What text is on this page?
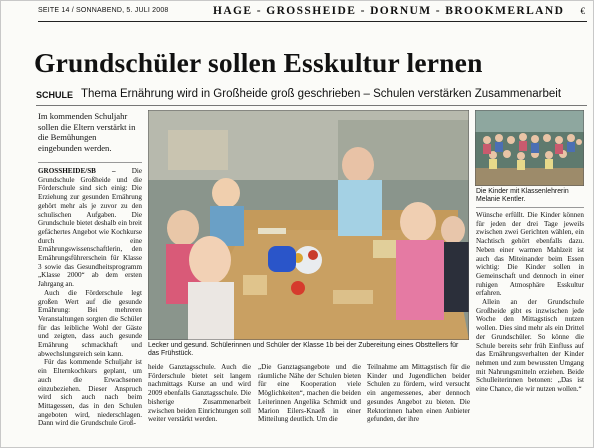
SEITE 14 / SONNABEND, 5. JULI 2008	HAGE - GROSSHEIDE - DORNUM - BROOKMERLAND €
Grundschüler sollen Esskultur lernen
SCHULE Thema Ernährung wird in Großheide groß geschrieben – Schulen verstärken Zusammenarbeit
Im kommenden Schuljahr sollen die Eltern verstärkt in die Bemühungen eingebunden werden.

GROSSHEIDE/SB – Die Grundschule Großheide und die Förderschule sind sich einig: Die Erziehung zur gesunden Ernährung gehört mehr als je zuvor zu den schulischen Aufgaben. Die Grundschule bietet deshalb ein breit gefächertes Angebot wie Kochkurse durch eine Ernährungswissenschaftlerin, den Ernährungsführerschein für Klasse 3 sowie das Gesundheitsprogramm „Klasse 2000“ ab dem ersten Jahrgang an.

Auch die Förderschule legt großen Wert auf die gesunde Ernährung: Bei mehreren Veranstaltungen sorgten die Schüler für das leibliche Wohl der Gäste und zeigten, dass auch gesunde Ernährung schmackhaft und abwechslungsreich sein kann.

Für das kommende Schuljahr ist ein Elternkochkurs geplant, um auch die Erwachsenen einzubeziehen. Dieser Anspruch wird sich auch nach beim Mittagessen, das in den Schulen angeboten wird, niederschlagen. Dann wird die Grundschule Groß-

Lecker und gesund. Schülerinnen und Schüler der Klasse 1b bei der Zubereitung eines Obsttellers für das Frühstück.
Die Kinder mit Klassenlehrerin Melanie Kentler.

Wünsche erfüllt. Die Kinder können für jeden der drei Tage jeweils zwischen zwei Gerichten wählen, ein Nachtisch gehört ebenfalls dazu. Neben einer warmen Mahlzeit ist auch das Miteinander beim Essen wichtig: Die Kinder sollen in Gemeinschaft und dennoch in einer ruhigen Atmosphäre Esskultur erfahren.

Allein an der Grundschule Großheide gibt es inzwischen jede Woche den Mittagstisch nutzen wollen. Dies sind mehr als ein Drittel der Grundschüler. So könne die Schule bereits sehr früh Einfluss auf das Ernährungsverhalten der Kinder nehmen und zum bewussten Umgang mit Nahrungsmitteln erziehen. Beide Schulleiterinnen betonen: „Das ist eine Chance, die wir nutzen wollen.“

heide Ganztagsschule. Auch die Förderschule bietet seit langem nachmittags Kurse an und wird 2009 ebenfalls Ganztagsschule. Die bisherige Zusammenarbeit zwischen beiden Einrichtungen soll weiter verstärkt werden.
„Die Ganztagsangebote und die räumliche Nähe der Schulen bieten für eine Kooperation viele Möglichkeiten“, machen die beiden Leiterinnen Angelika Schmidt und Marion Eilers-Knaeß in einer Mitteilung deutlich. Um die
Teilnahme am Mittagstisch für die Kinder und Jugendlichen beider Schulen zu fördern, wird versucht ein angemessenes, aber dennoch gesundes Angebot zu bieten. Die Rektorinnen haben einen Anbieter gefunden, der ihre
